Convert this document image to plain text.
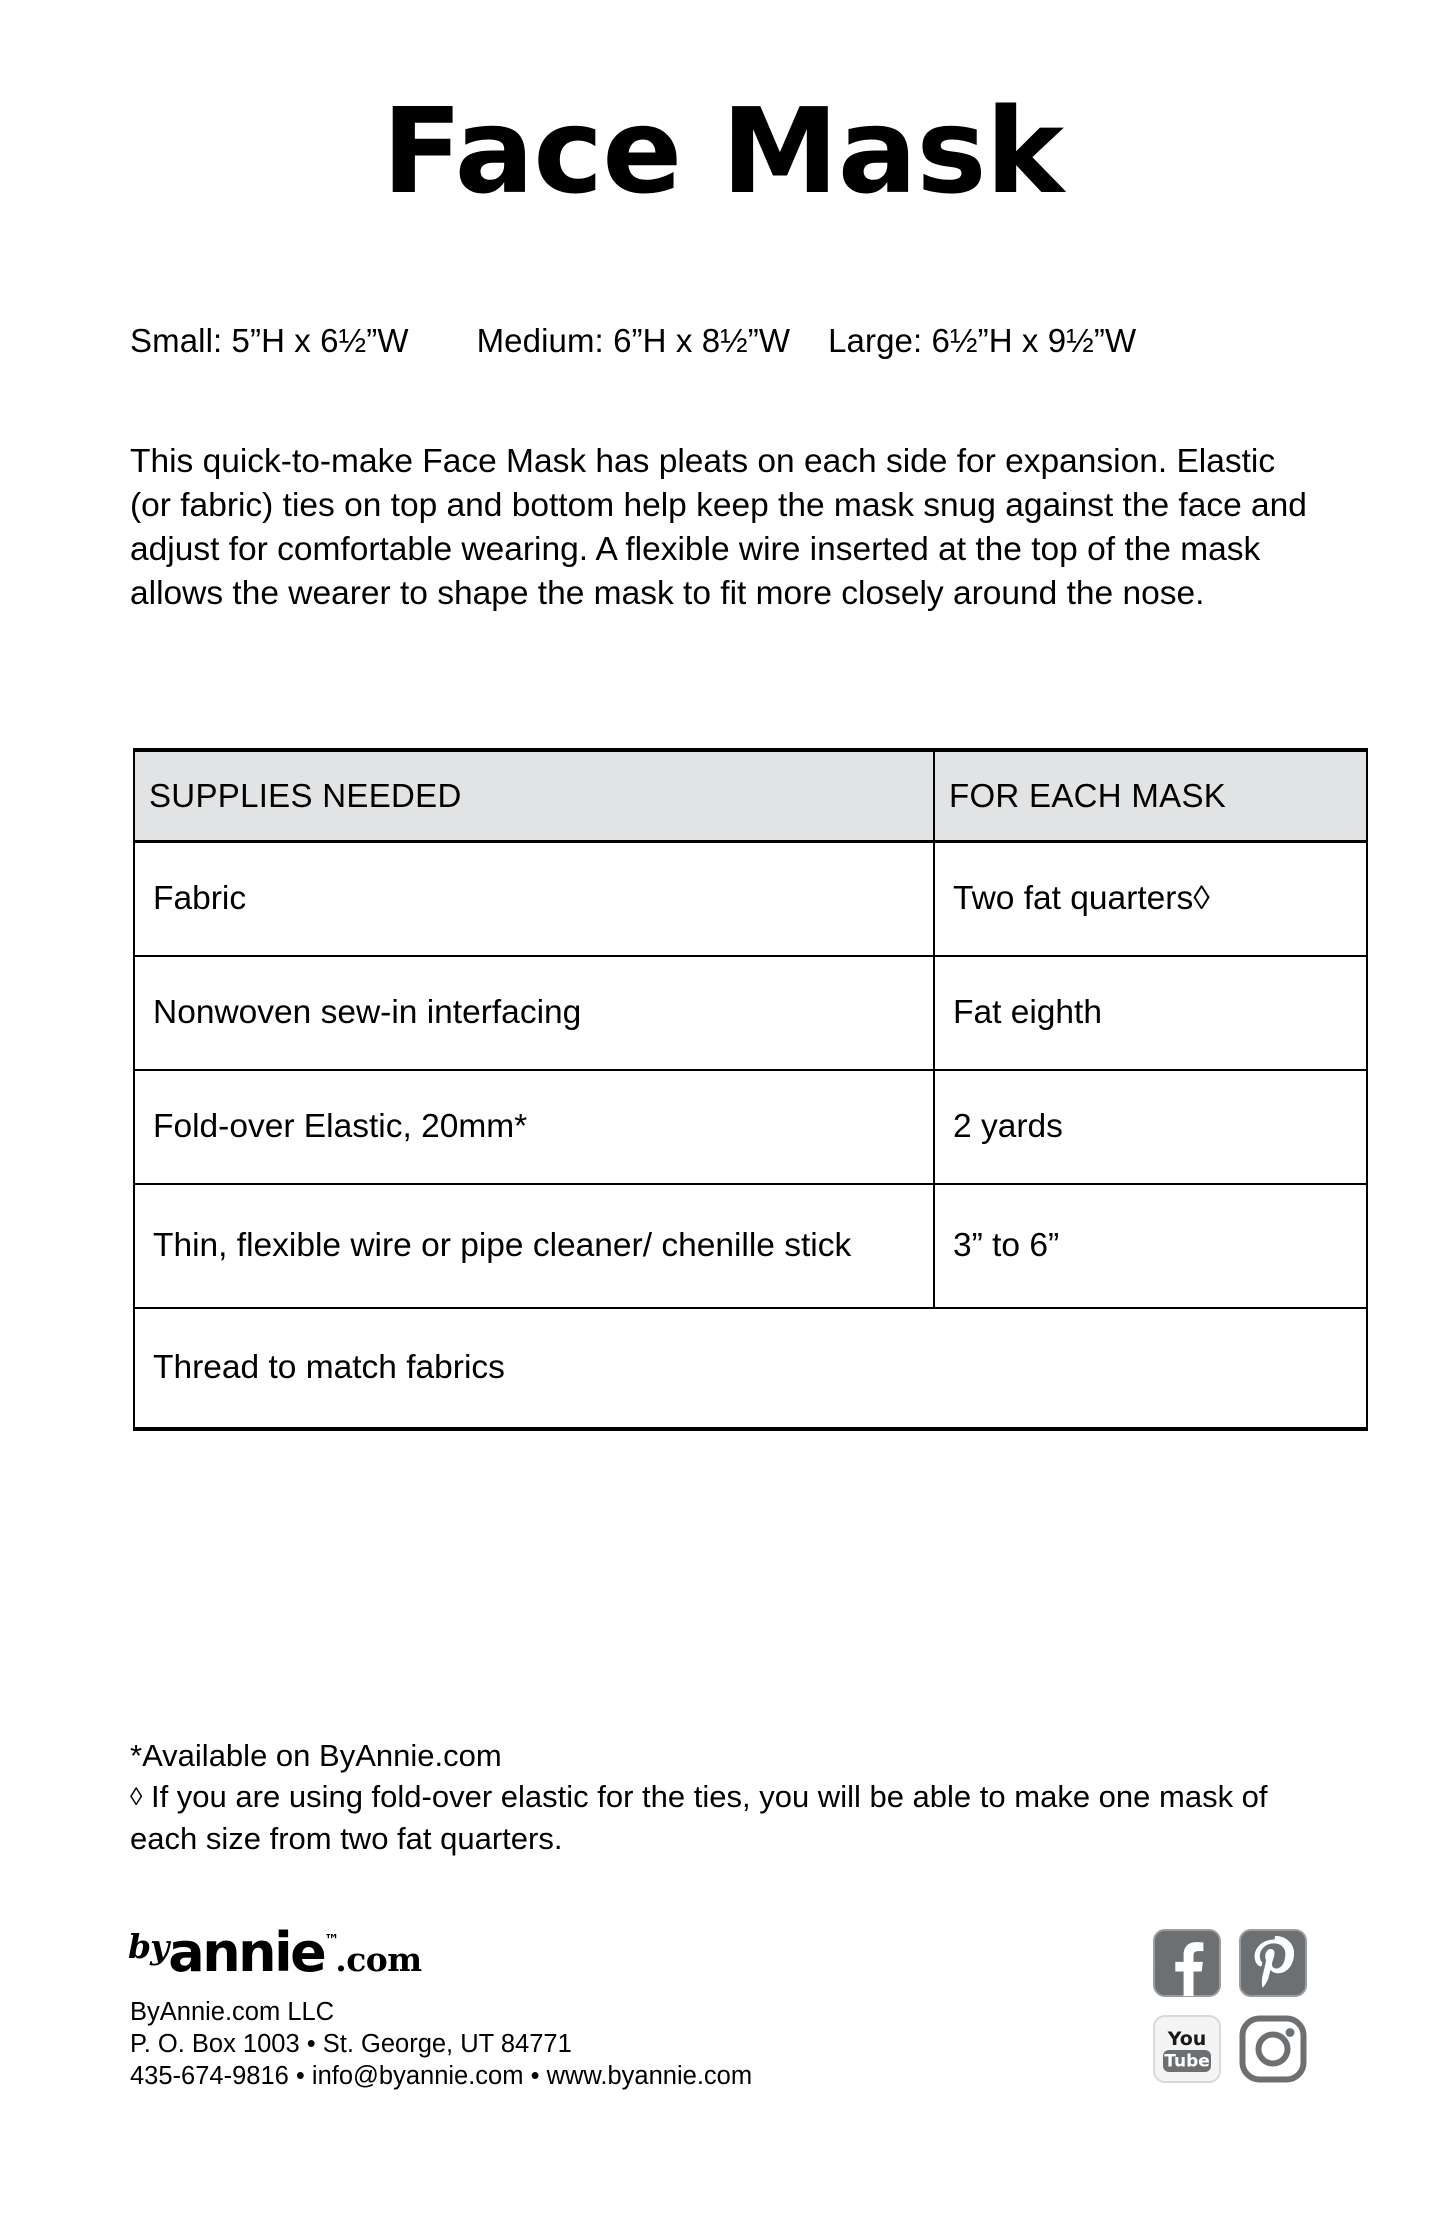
Face Mask
Small: 5”H x 6½”W Medium: 6”H x 8½”W Large: 6½”H x 9½”W
This quick-to-make Face Mask has pleats on each side for expansion. Elastic (or fabric) ties on top and bottom help keep the mask snug against the face and adjust for comfortable wearing. A flexible wire inserted at the top of the mask allows the wearer to shape the mask to fit more closely around the nose.
SUPPLIES NEEDED	FOR EACH MASK

Fabric	Two fat quarters◊

Nonwoven sew-in interfacing	Fat eighth

Fold-over Elastic, 20mm*	2 yards

Thin, flexible wire or pipe cleaner/ chenille stick	3” to 6”

Thread to match fabrics	
*Available on ByAnnie.com
◊ If you are using fold-over elastic for the ties, you will be able to make one mask of each size from two fat quarters.
byannie™.com
ByAnnie.com LLC
P. O. Box 1003 • St. George, UT 84771
435-674-9816 • info@byannie.com • www.byannie.com
You
Tube
